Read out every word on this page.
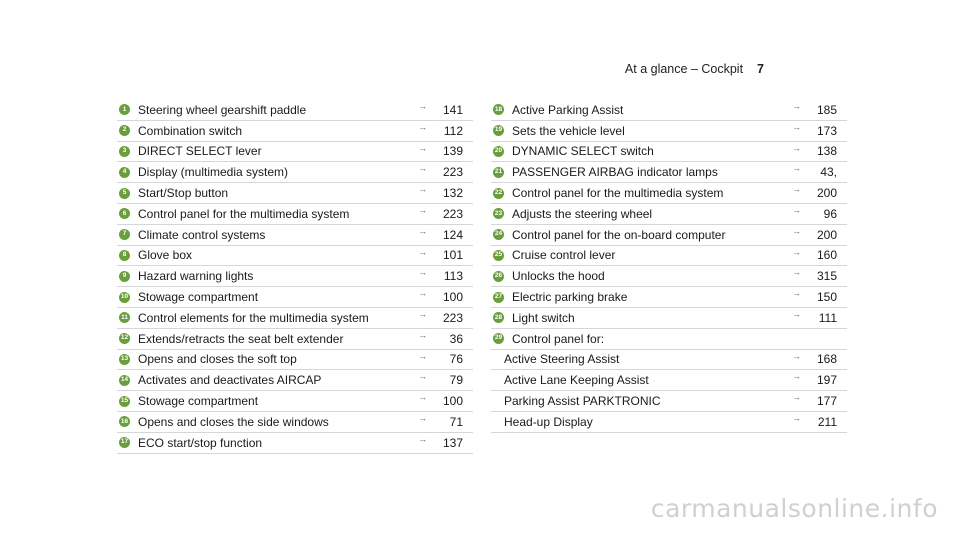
At a glance – Cockpit 7
1 Steering wheel gearshift paddle	→	141
2 Combination switch	→	112
3 DIRECT SELECT lever	→	139
4 Display (multimedia system)	→	223
5 Start/Stop button	→	132
6 Control panel for the multimedia system	→	223
7 Climate control systems	→	124
8 Glove box	→	101
9 Hazard warning lights	→	113
10 Stowage compartment	→	100
11 Control elements for the multimedia system	→	223
12 Extends/retracts the seat belt extender	→	36
13 Opens and closes the soft top	→	76
14 Activates and deactivates AIRCAP	→	79
15 Stowage compartment	→	100
16 Opens and closes the side windows	→	71
17 ECO start/stop function	→	137
18 Active Parking Assist	→	185
19 Sets the vehicle level	→	173
20 DYNAMIC SELECT switch	→	138
21 PASSENGER AIRBAG indicator lamps	→	43,
22 Control panel for the multimedia system	→	200
23 Adjusts the steering wheel	→	96
24 Control panel for the on-board computer	→	200
25 Cruise control lever	→	160
26 Unlocks the hood	→	315
27 Electric parking brake	→	150
28 Light switch	→	111
29 Control panel for:
Active Steering Assist	→	168
Active Lane Keeping Assist	→	197
Parking Assist PARKTRONIC	→	177
Head-up Display	→	211
carmanualsonline.info
